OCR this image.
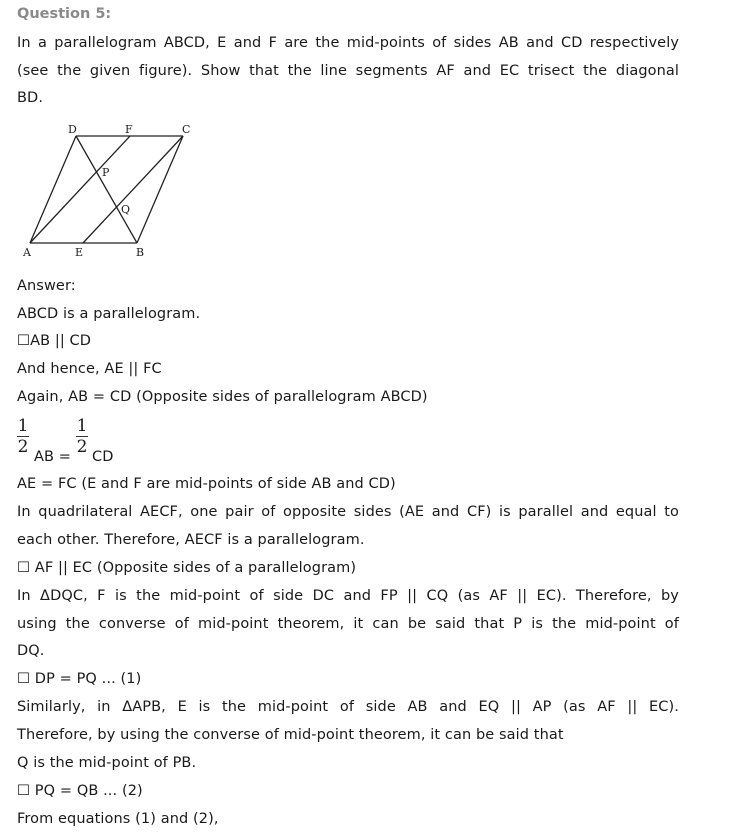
Question 5:
In a parallelogram ABCD, E and F are the mid-points of sides AB and CD respectively
(see the given figure). Show that the line segments AF and EC trisect the diagonal
BD.
D	F	C
P
Q
A	E	B
Answer:
ABCD is a parallelogram.
☐AB || CD
And hence, AE || FC
Again, AB = CD (Opposite sides of parallelogram ABCD)
1
2 AB =
1
2 CD
AE = FC (E and F are mid-points of side AB and CD)
In quadrilateral AECF, one pair of opposite sides (AE and CF) is parallel and equal to
each other. Therefore, AECF is a parallelogram.
☐ AF || EC (Opposite sides of a parallelogram)
In ΔDQC, F is the mid-point of side DC and FP || CQ (as AF || EC). Therefore, by
using the converse of mid-point theorem, it can be said that P is the mid-point of
DQ.
☐ DP = PQ ... (1)
Similarly, in ΔAPB, E is the mid-point of side AB and EQ || AP (as AF || EC).
Therefore, by using the converse of mid-point theorem, it can be said that
Q is the mid-point of PB.
☐ PQ = QB ... (2)
From equations (1) and (2),
